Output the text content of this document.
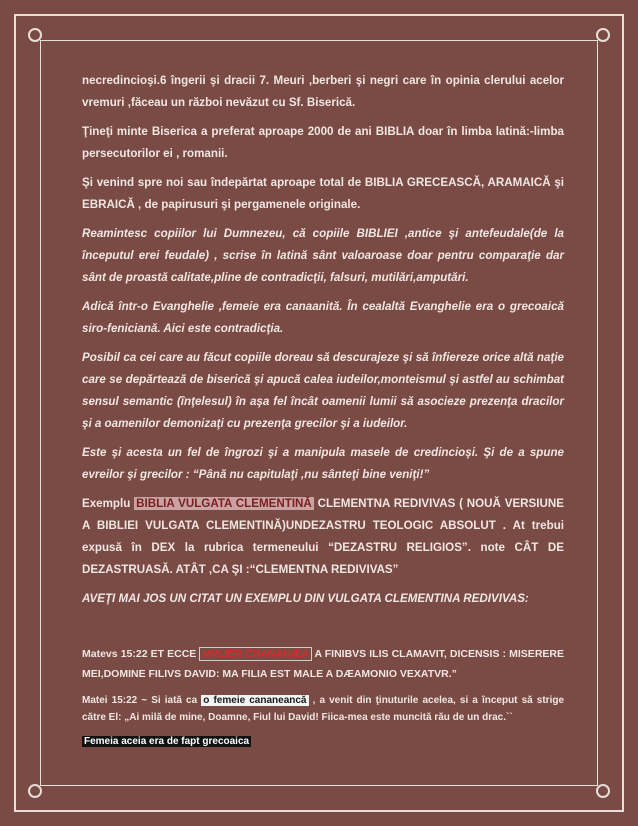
necredincioşi.6 îngerii şi dracii 7. Meuri ,berberi şi negri care în opinia clerului acelor vremuri ,făceau un război nevăzut cu Sf. Biserică.

Ţineţi minte Biserica a preferat aproape 2000 de ani BIBLIA doar în limba latină:-limba persecutorilor ei , romanii.

Şi venind spre noi sau îndepărtat aproape total de BIBLIA GRECEASCĂ, ARAMAICĂ şi EBRAICĂ , de papirusuri şi pergamenele originale.

Reamintesc copiilor lui Dumnezeu, că copiile BIBLIEI ,antice şi antefeudale(de la începutul erei feudale) , scrise în latină sânt valoaroase doar pentru comparaţie dar sânt de proastă calitate,pline de contradicţii, falsuri, mutilări,amputări.

Adică într-o Evanghelie ,femeie era canaanită. În cealaltă Evanghelie era o grecoaică siro-feniciană. Aici este contradicţia.

Posibil ca cei care au făcut copiile doreau să descurajeze şi să înfiereze orice altă naţie care se depărtează de biserică şi apucă calea iudeilor,monteismul şi astfel au schimbat sensul semantic (înţelesul) în aşa fel încât oamenii lumii să asocieze prezenţa dracilor şi a oamenilor demonizaţi cu prezenţa grecilor şi a iudeilor.

Este şi acesta un fel de îngrozi şi a manipula masele de credincioşi. Şi de a spune evreilor şi grecilor : “Până nu capitulaţi ,nu sânteţi bine veniţi!”

Exemplu BIBLIA VULGATA CLEMENTINĂ CLEMENTNA REDIVIVAS ( NOUĂ VERSIUNE A BIBLIEI VULGATA CLEMENTINĂ)UNDEZASTRU TEOLOGIC ABSOLUT . At trebui expusă în DEX la rubrica termeneului “DEZASTRU RELIGIOS”. note CÂT DE DEZASTRUASĂ. ATÂT ,CA ŞI :“CLEMENTNA REDIVIVAS”

AVEŢI MAI JOS UN CITAT UN EXEMPLU DIN VULGATA CLEMENTINA REDIVIVAS:

Matevs 15:22 ET ECCE MVLIER CHANANÆA A FINIBVS ILIS CLAMAVIT, DICENSIS : MISERERE MEI,DOMINE FILIVS DAVID: MA FILIA EST MALE A DÆAMONIO VEXATVR.”

Matei 15:22 ~ Si iată ca o femeie cananeancă , a venit din ţinuturile acelea, si a început să strige către El: „Ai milă de mine, Doamne, Fiul lui David! Fiica-mea este muncită rău de un drac.``

Femeia aceia era de fapt grecoaica
